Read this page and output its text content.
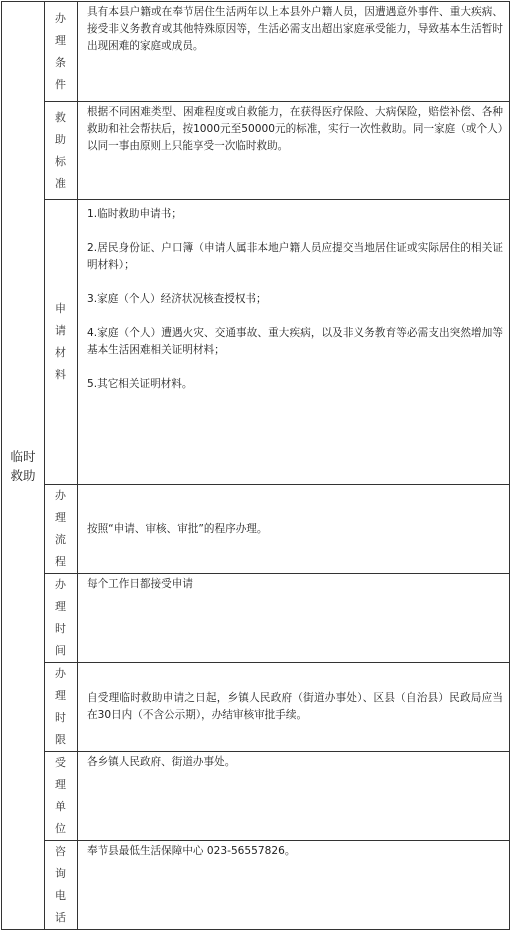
临时救助	办理条件	具有本县户籍或在奉节居住生活两年以上本县外户籍人员，因遭遇意外事件、重大疾病、接受非义务教育或其他特殊原因等，生活必需支出超出家庭承受能力，导致基本生活暂时出现困难的家庭或成员。

	救助标准	根据不同困难类型、困难程度或自救能力，在获得医疗保险、大病保险，赔偿补偿、各种救助和社会帮扶后，按1000元至50000元的标准，实行一次性救助。同一家庭（或个人）以同一事由原则上只能享受一次临时救助。

	申请材料	1.临时救助申请书；

2.居民身份证、户口簿（申请人属非本地户籍人员应提交当地居住证或实际居住的相关证明材料）；

3.家庭（个人）经济状况核查授权书；

4.家庭（个人）遭遇火灾、交通事故、重大疾病，以及非义务教育等必需支出突然增加等基本生活困难相关证明材料；

5.其它相关证明材料。

	办理流程	按照“申请、审核、审批”的程序办理。

	办理时间	每个工作日都接受申请

	办理时限	自受理临时救助申请之日起，乡镇人民政府（街道办事处）、区县（自治县）民政局应当在30日内（不含公示期），办结审核审批手续。

	受理单位	各乡镇人民政府、街道办事处。

	咨询电话	奉节县最低生活保障中心 023-56557826。
